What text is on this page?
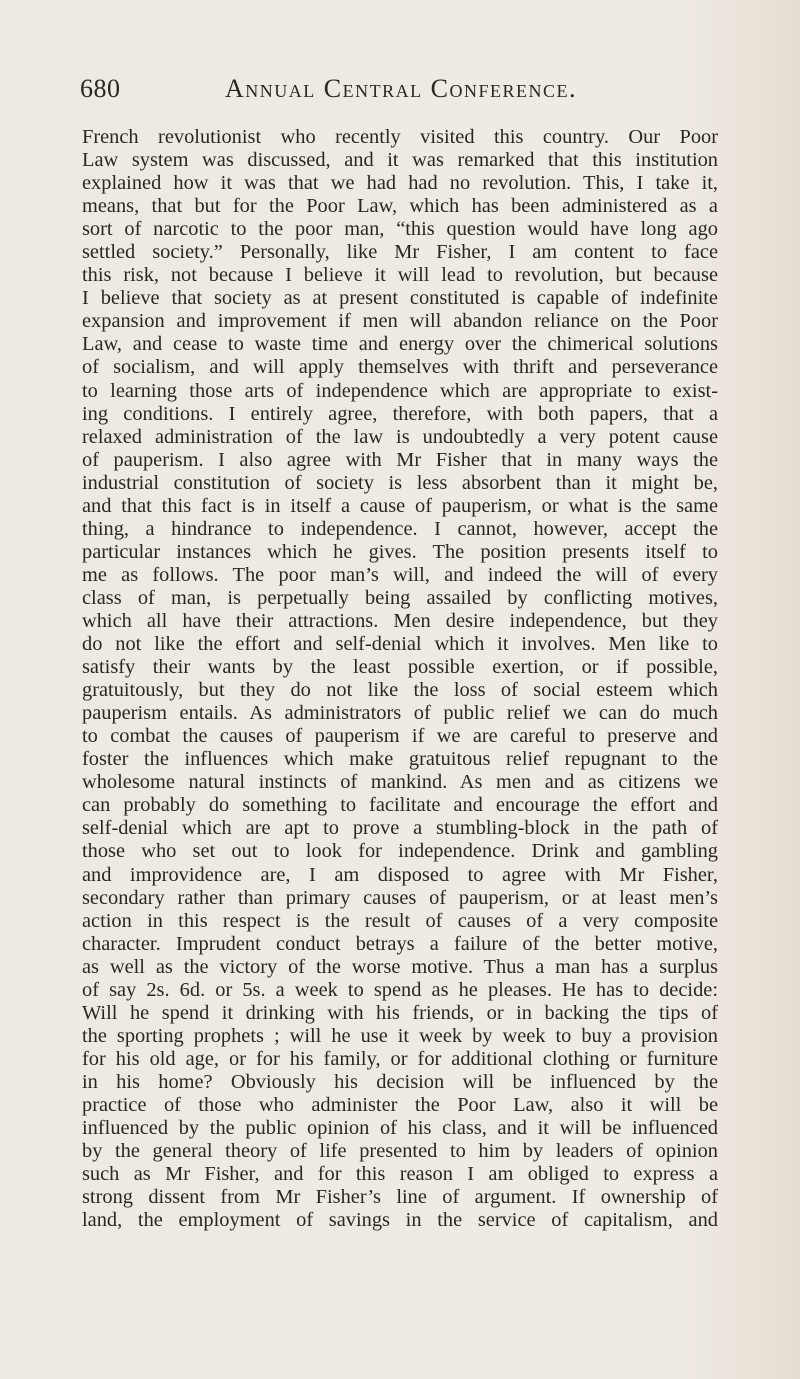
680	Annual Central Conference.
French revolutionist who recently visited this country. Our Poor
Law system was discussed, and it was remarked that this institution
explained how it was that we had had no revolution. This, I take it,
means, that but for the Poor Law, which has been administered as a
sort of narcotic to the poor man, “this question would have long ago
settled society.” Personally, like Mr Fisher, I am content to face
this risk, not because I believe it will lead to revolution, but because
I believe that society as at present constituted is capable of indefinite
expansion and improvement if men will abandon reliance on the Poor
Law, and cease to waste time and energy over the chimerical solutions
of socialism, and will apply themselves with thrift and perseverance
to learning those arts of independence which are appropriate to exist-
ing conditions. I entirely agree, therefore, with both papers, that a
relaxed administration of the law is undoubtedly a very potent cause
of pauperism. I also agree with Mr Fisher that in many ways the
industrial constitution of society is less absorbent than it might be,
and that this fact is in itself a cause of pauperism, or what is the same
thing, a hindrance to independence. I cannot, however, accept the
particular instances which he gives. The position presents itself to
me as follows. The poor man’s will, and indeed the will of every
class of man, is perpetually being assailed by conflicting motives,
which all have their attractions. Men desire independence, but they
do not like the effort and self-denial which it involves. Men like to
satisfy their wants by the least possible exertion, or if possible,
gratuitously, but they do not like the loss of social esteem which
pauperism entails. As administrators of public relief we can do much
to combat the causes of pauperism if we are careful to preserve and
foster the influences which make gratuitous relief repugnant to the
wholesome natural instincts of mankind. As men and as citizens we
can probably do something to facilitate and encourage the effort and
self-denial which are apt to prove a stumbling-block in the path of
those who set out to look for independence. Drink and gambling
and improvidence are, I am disposed to agree with Mr Fisher,
secondary rather than primary causes of pauperism, or at least men’s
action in this respect is the result of causes of a very composite
character. Imprudent conduct betrays a failure of the better motive,
as well as the victory of the worse motive. Thus a man has a surplus
of say 2s. 6d. or 5s. a week to spend as he pleases. He has to decide:
Will he spend it drinking with his friends, or in backing the tips of
the sporting prophets ; will he use it week by week to buy a provision
for his old age, or for his family, or for additional clothing or furniture
in his home? Obviously his decision will be influenced by the
practice of those who administer the Poor Law, also it will be
influenced by the public opinion of his class, and it will be influenced
by the general theory of life presented to him by leaders of opinion
such as Mr Fisher, and for this reason I am obliged to express a
strong dissent from Mr Fisher’s line of argument. If ownership of
land, the employment of savings in the service of capitalism, and
